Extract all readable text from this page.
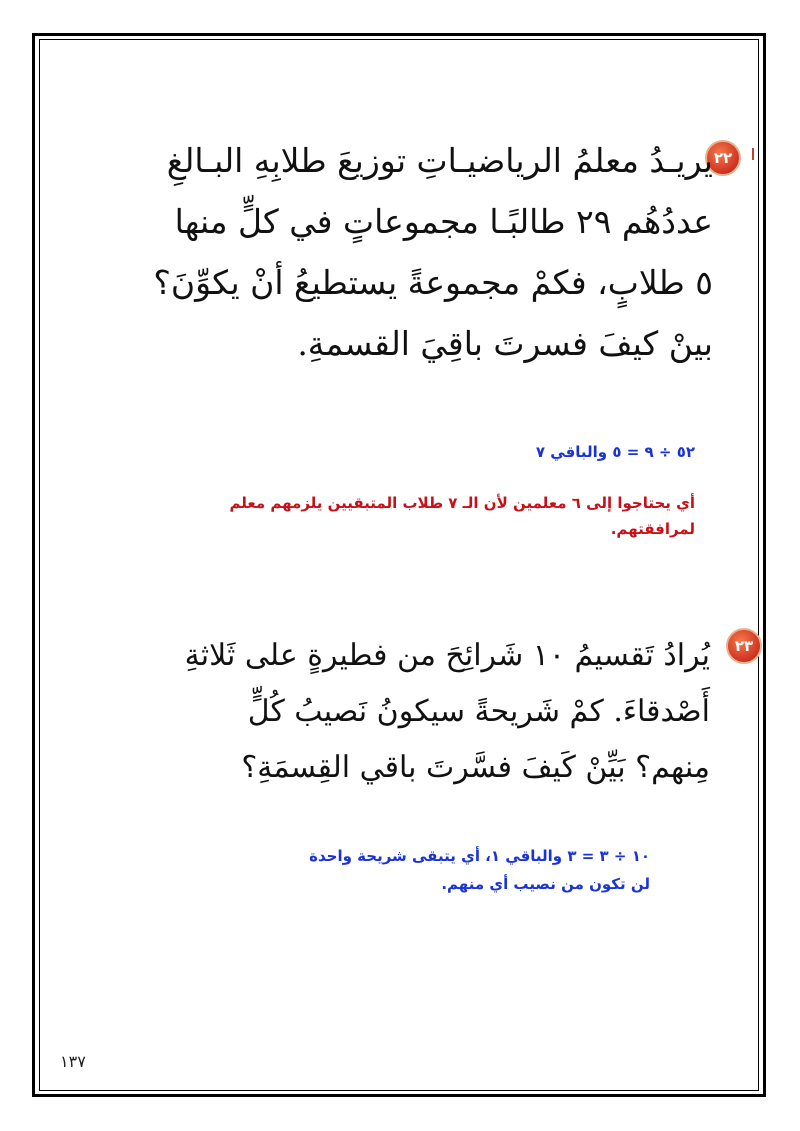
٢٢
يريـدُ معلمُ الرياضيـاتِ توزيعَ طلابِهِ البـالغِ
عددُهُم ٢٩ طالبًـا مجموعاتٍ في كلٍّ منها
٥ طلابٍ، فكمْ مجموعةً يستطيعُ أنْ يكوِّنَ؟
بينْ كيفَ فسرتَ باقِيَ القسمةِ.
٥٢ ÷ ٩ = ٥ والباقي ٧
أي يحتاجوا إلى ٦ معلمين لأن الـ ٧ طلاب المتبقيين يلزمهم معلم
لمرافقتهم.
٢٣
يُرادُ تَقسيمُ ١٠ شَرائِحَ من فطيرةٍ على ثَلاثةِ
أَصْدقاءَ. كمْ شَريحةً سيكونُ نَصيبُ كُلٍّ
مِنهم؟ بَيِّنْ كَيفَ فسَّرتَ باقي القِسمَةِ؟
١٠ ÷ ٣ = ٣ والباقي ١، أي يتبقى شريحة واحدة
لن تكون من نصيب أي منهم.
١٣٧
